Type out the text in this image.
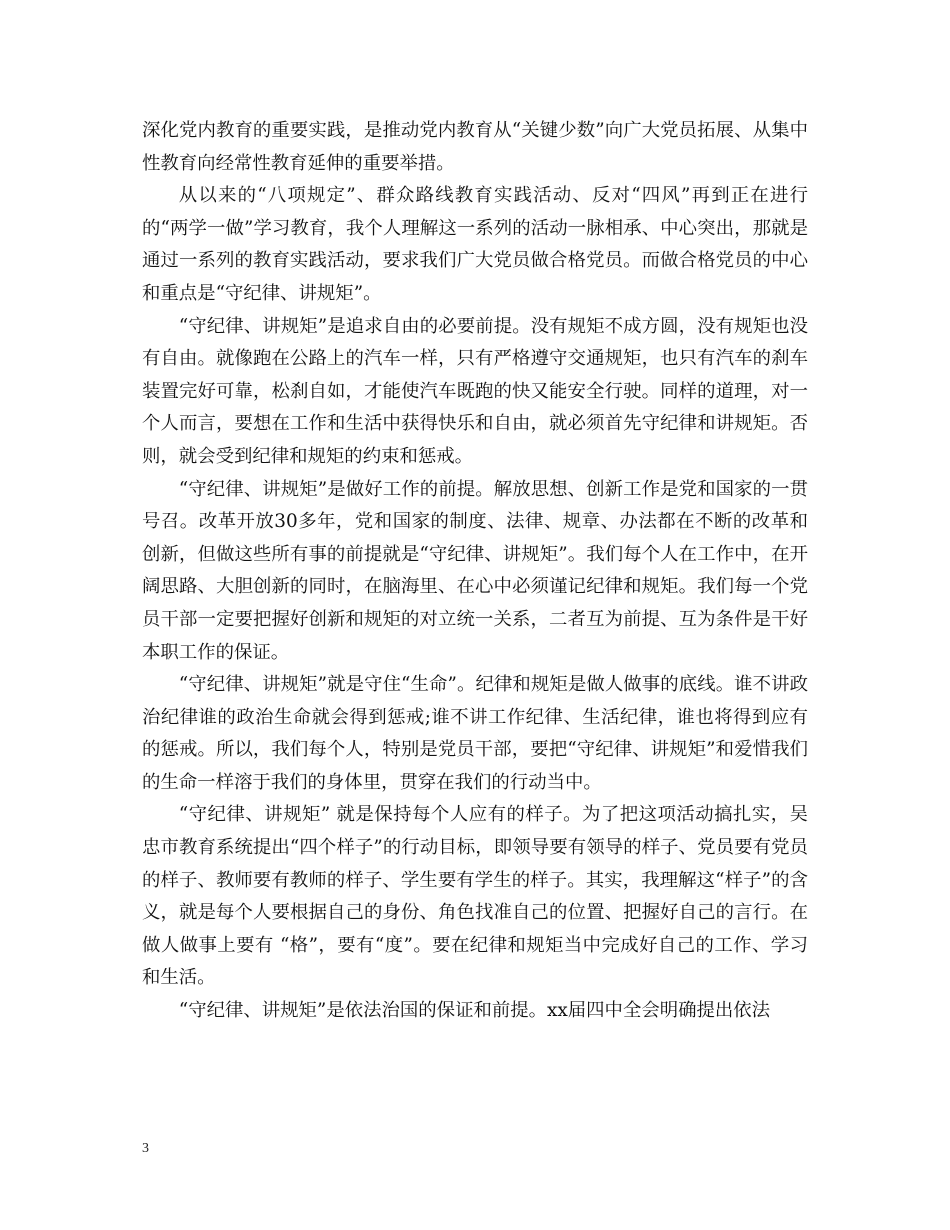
深化党内教育的重要实践，是推动党内教育从“关键少数”向广大党员拓展、从集中性教育向经常性教育延伸的重要举措。

从以来的“八项规定”、群众路线教育实践活动、反对“四风”再到正在进行的“两学一做”学习教育，我个人理解这一系列的活动一脉相承、中心突出，那就是通过一系列的教育实践活动，要求我们广大党员做合格党员。而做合格党员的中心和重点是“守纪律、讲规矩”。

“守纪律、讲规矩”是追求自由的必要前提。没有规矩不成方圆，没有规矩也没有自由。就像跑在公路上的汽车一样，只有严格遵守交通规矩，也只有汽车的刹车装置完好可靠，松刹自如，才能使汽车既跑的快又能安全行驶。同样的道理，对一个人而言，要想在工作和生活中获得快乐和自由，就必须首先守纪律和讲规矩。否则，就会受到纪律和规矩的约束和惩戒。

“守纪律、讲规矩”是做好工作的前提。解放思想、创新工作是党和国家的一贯号召。改革开放30多年，党和国家的制度、法律、规章、办法都在不断的改革和创新，但做这些所有事的前提就是“守纪律、讲规矩”。我们每个人在工作中，在开阔思路、大胆创新的同时，在脑海里、在心中必须谨记纪律和规矩。我们每一个党员干部一定要把握好创新和规矩的对立统一关系，二者互为前提、互为条件是干好本职工作的保证。

“守纪律、讲规矩”就是守住“生命”。纪律和规矩是做人做事的底线。谁不讲政治纪律谁的政治生命就会得到惩戒;谁不讲工作纪律、生活纪律，谁也将得到应有的惩戒。所以，我们每个人，特别是党员干部，要把“守纪律、讲规矩”和爱惜我们的生命一样溶于我们的身体里，贯穿在我们的行动当中。

“守纪律、讲规矩” 就是保持每个人应有的样子。为了把这项活动搞扎实，吴忠市教育系统提出“四个样子”的行动目标，即领导要有领导的样子、党员要有党员的样子、教师要有教师的样子、学生要有学生的样子。其实，我理解这“样子”的含义，就是每个人要根据自己的身份、角色找准自己的位置、把握好自己的言行。在做人做事上要有 “格”，要有“度”。要在纪律和规矩当中完成好自己的工作、学习和生活。

“守纪律、讲规矩”是依法治国的保证和前提。xx届四中全会明确提出依法

3
